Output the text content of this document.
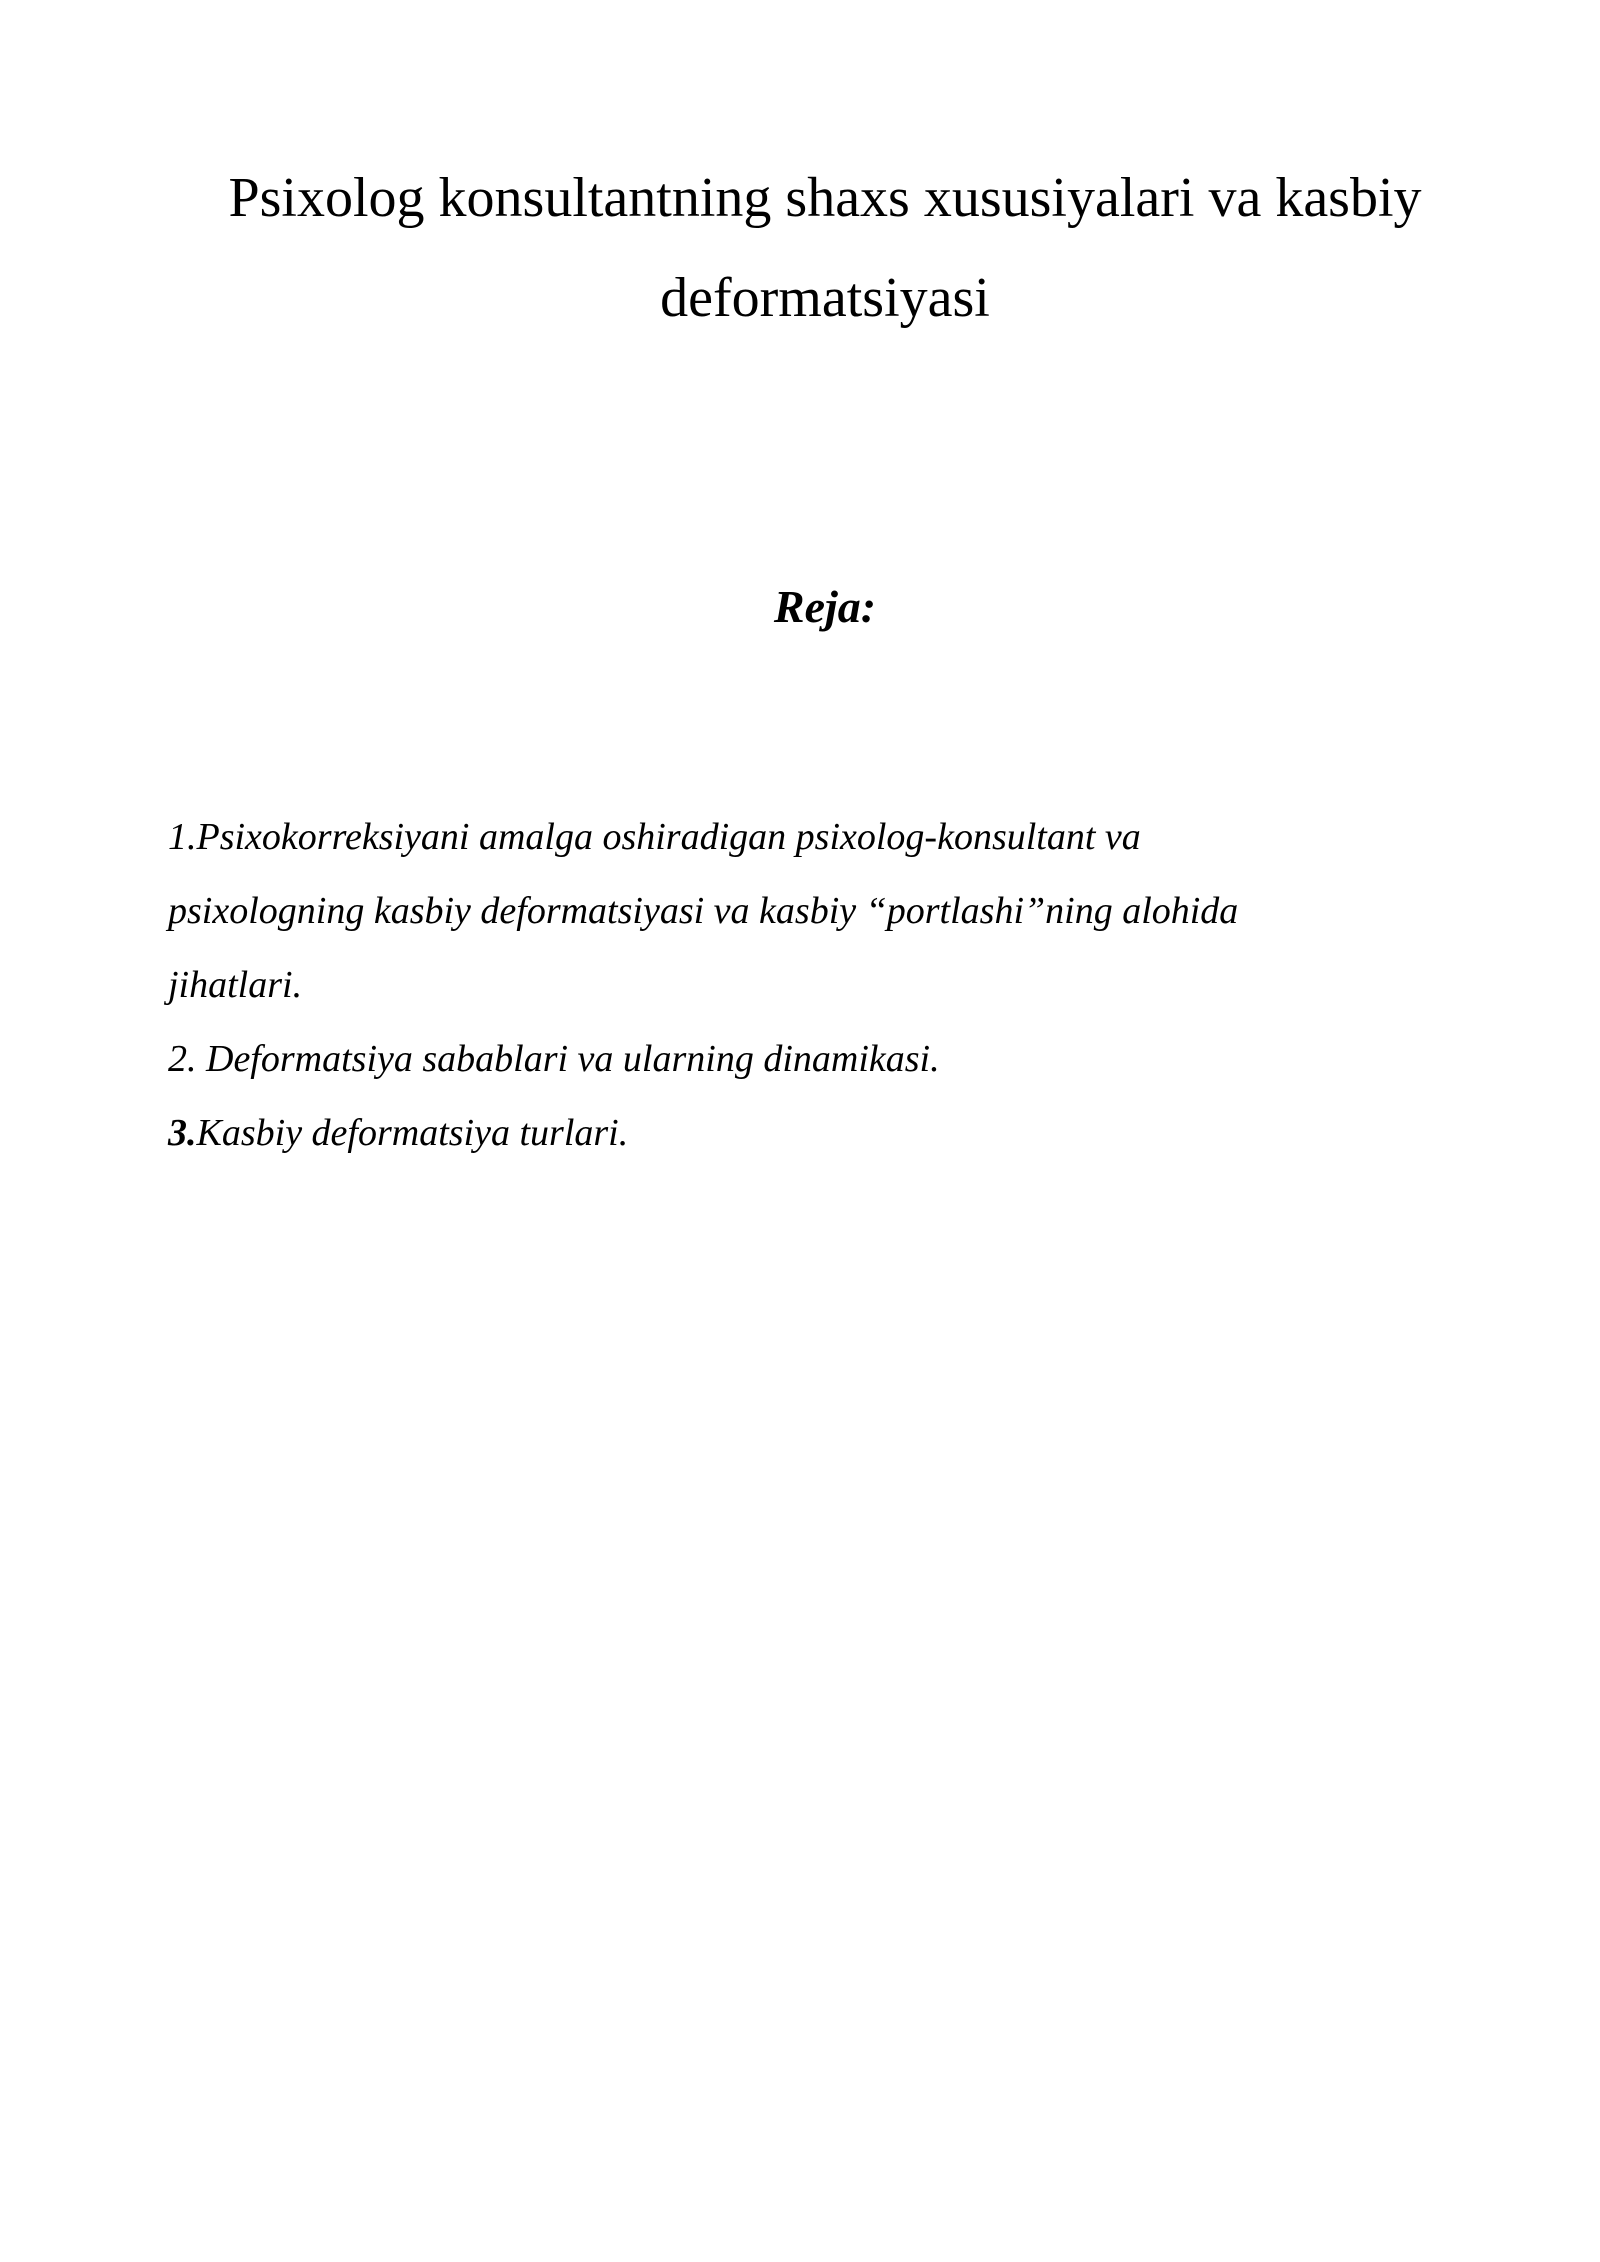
Psixolog konsultantning shaxs xususiyalari va kasbiy
deformatsiyasi
Reja:
1.Psixokorreksiyani amalga oshiradigan psixolog-konsultant va
psixologning kasbiy deformatsiyasi va kasbiy “portlashi”ning alohida
jihatlari.
2. Deformatsiya sabablari va ularning dinamikasi.
3.Kasbiy deformatsiya turlari.
